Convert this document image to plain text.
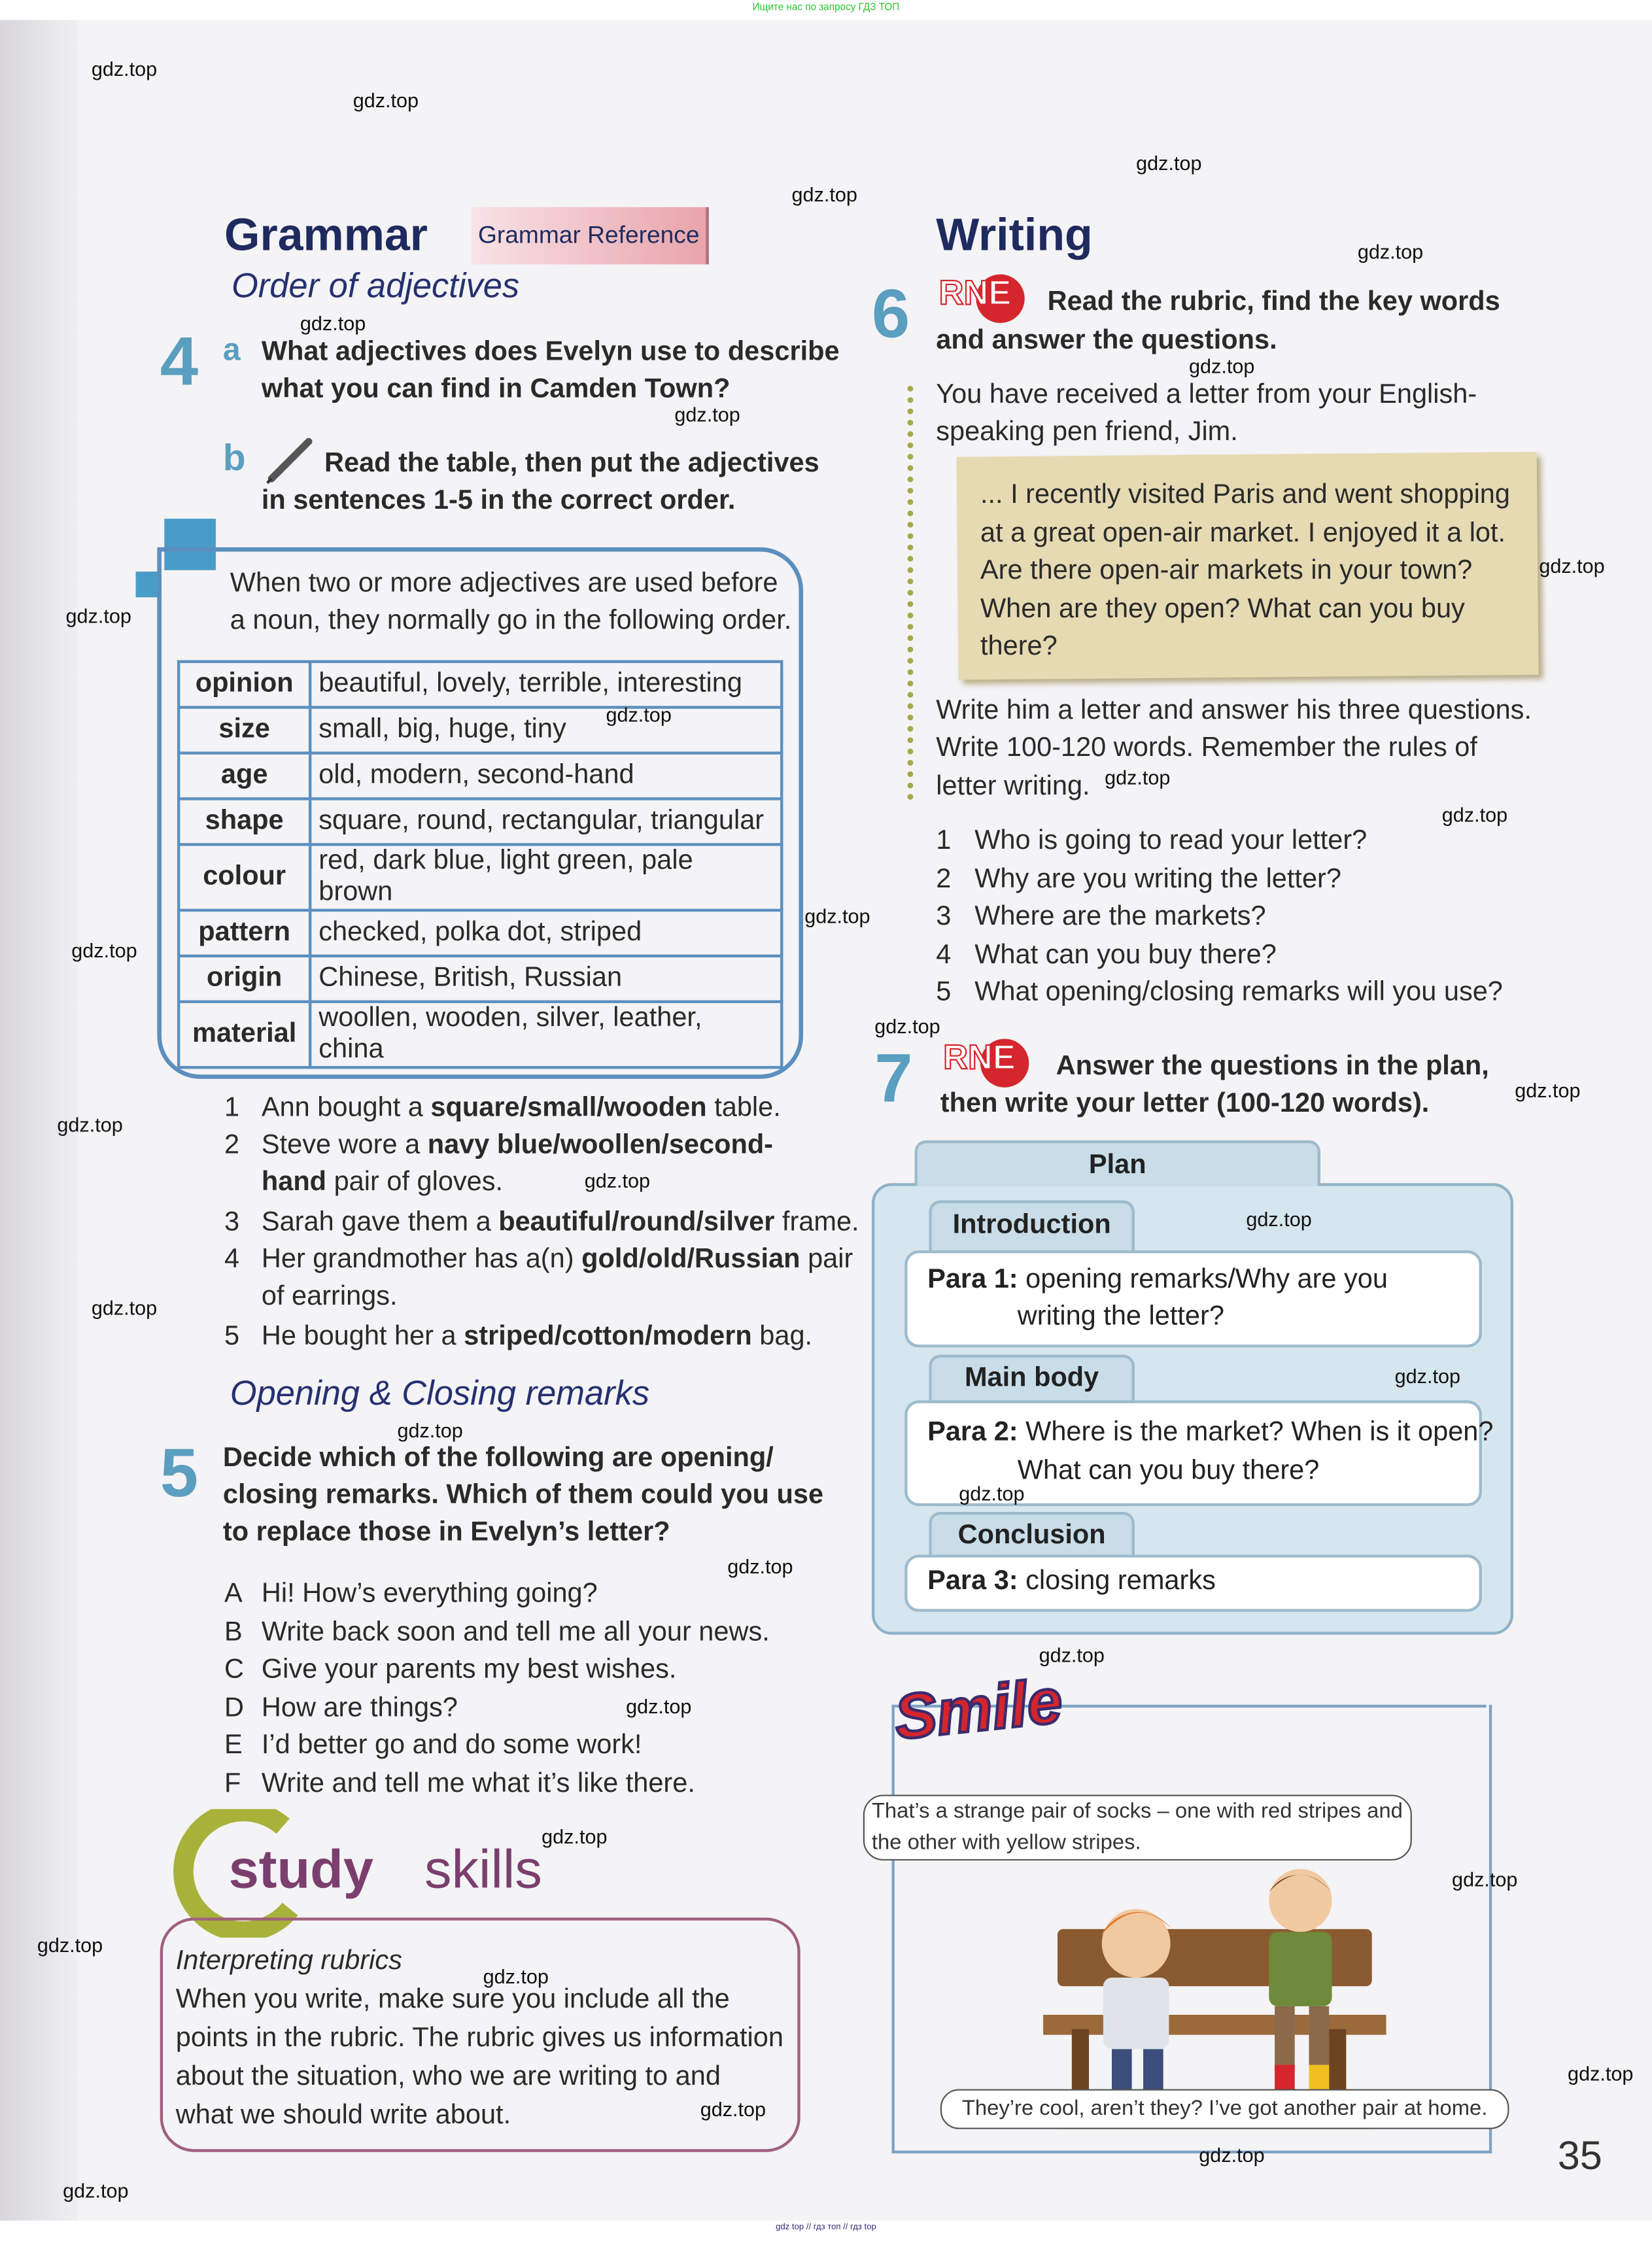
Ищите нас по запросу ГДЗ ТОП
Grammar	Grammar Reference
Order of adjectives
4 a What adjectives does Evelyn use to describe
what you can find in Camden Town?
b	Read the table, then put the adjectives
in sentences 1-5 in the correct order.
When two or more adjectives are used before
a noun, they normally go in the following order.
opinion	beautiful, lovely, terrible, interesting
size	small, big, huge, tiny
age	old, modern, second-hand
shape	square, round, rectangular, triangular
colour	red, dark blue, light green, pale brown
pattern	checked, polka dot, striped
origin	Chinese, British, Russian
material	woollen, wooden, silver, leather, china
1 Ann bought a square/small/wooden table.
2 Steve wore a navy blue/woollen/second-
hand pair of gloves.
3 Sarah gave them a beautiful/round/silver frame.
4 Her grandmother has a(n) gold/old/Russian pair
of earrings.
5 He bought her a striped/cotton/modern bag.
Opening & Closing remarks
5 Decide which of the following are opening/
closing remarks. Which of them could you use
to replace those in Evelyn’s letter?
A Hi! How’s everything going?
B Write back soon and tell me all your news.
C Give your parents my best wishes.
D How are things?
E I’d better go and do some work!
F Write and tell me what it’s like there.
study skills
Interpreting rubrics
When you write, make sure you include all the
points in the rubric. The rubric gives us information
about the situation, who we are writing to and
what we should write about.
Writing
6 RNE	Read the rubric, find the key words
and answer the questions.
You have received a letter from your English-
speaking pen friend, Jim.
... I recently visited Paris and went shopping
at a great open-air market. I enjoyed it a lot.
Are there open-air markets in your town?
When are they open? What can you buy
there?
Write him a letter and answer his three questions.
Write 100-120 words. Remember the rules of
letter writing.
1 Who is going to read your letter?
2 Why are you writing the letter?
3 Where are the markets?
4 What can you buy there?
5 What opening/closing remarks will you use?
7 RNE	Answer the questions in the plan,
then write your letter (100-120 words).
Plan
Introduction
Para 1: opening remarks/Why are you
writing the letter?
Main body
Para 2: Where is the market? When is it open?
What can you buy there?
Conclusion
Para 3: closing remarks
Smile
That’s a strange pair of socks – one with red stripes and
the other with yellow stripes.
They’re cool, aren’t they? I’ve got another pair at home.
35
gdz top // гдз топ // гдз top
gdz.top
gdz.top
gdz.top
gdz.top
gdz.top
gdz.top
gdz.top
gdz.top
gdz.top
gdz.top
gdz.top
gdz.top
gdz.top
gdz.top
gdz.top
gdz.top
gdz.top
gdz.top
gdz.top
gdz.top
gdz.top
gdz.top
gdz.top
gdz.top
gdz.top
gdz.top
gdz.top
gdz.top
gdz.top
gdz.top
gdz.top
gdz.top
gdz.top
gdz.top
gdz.top
